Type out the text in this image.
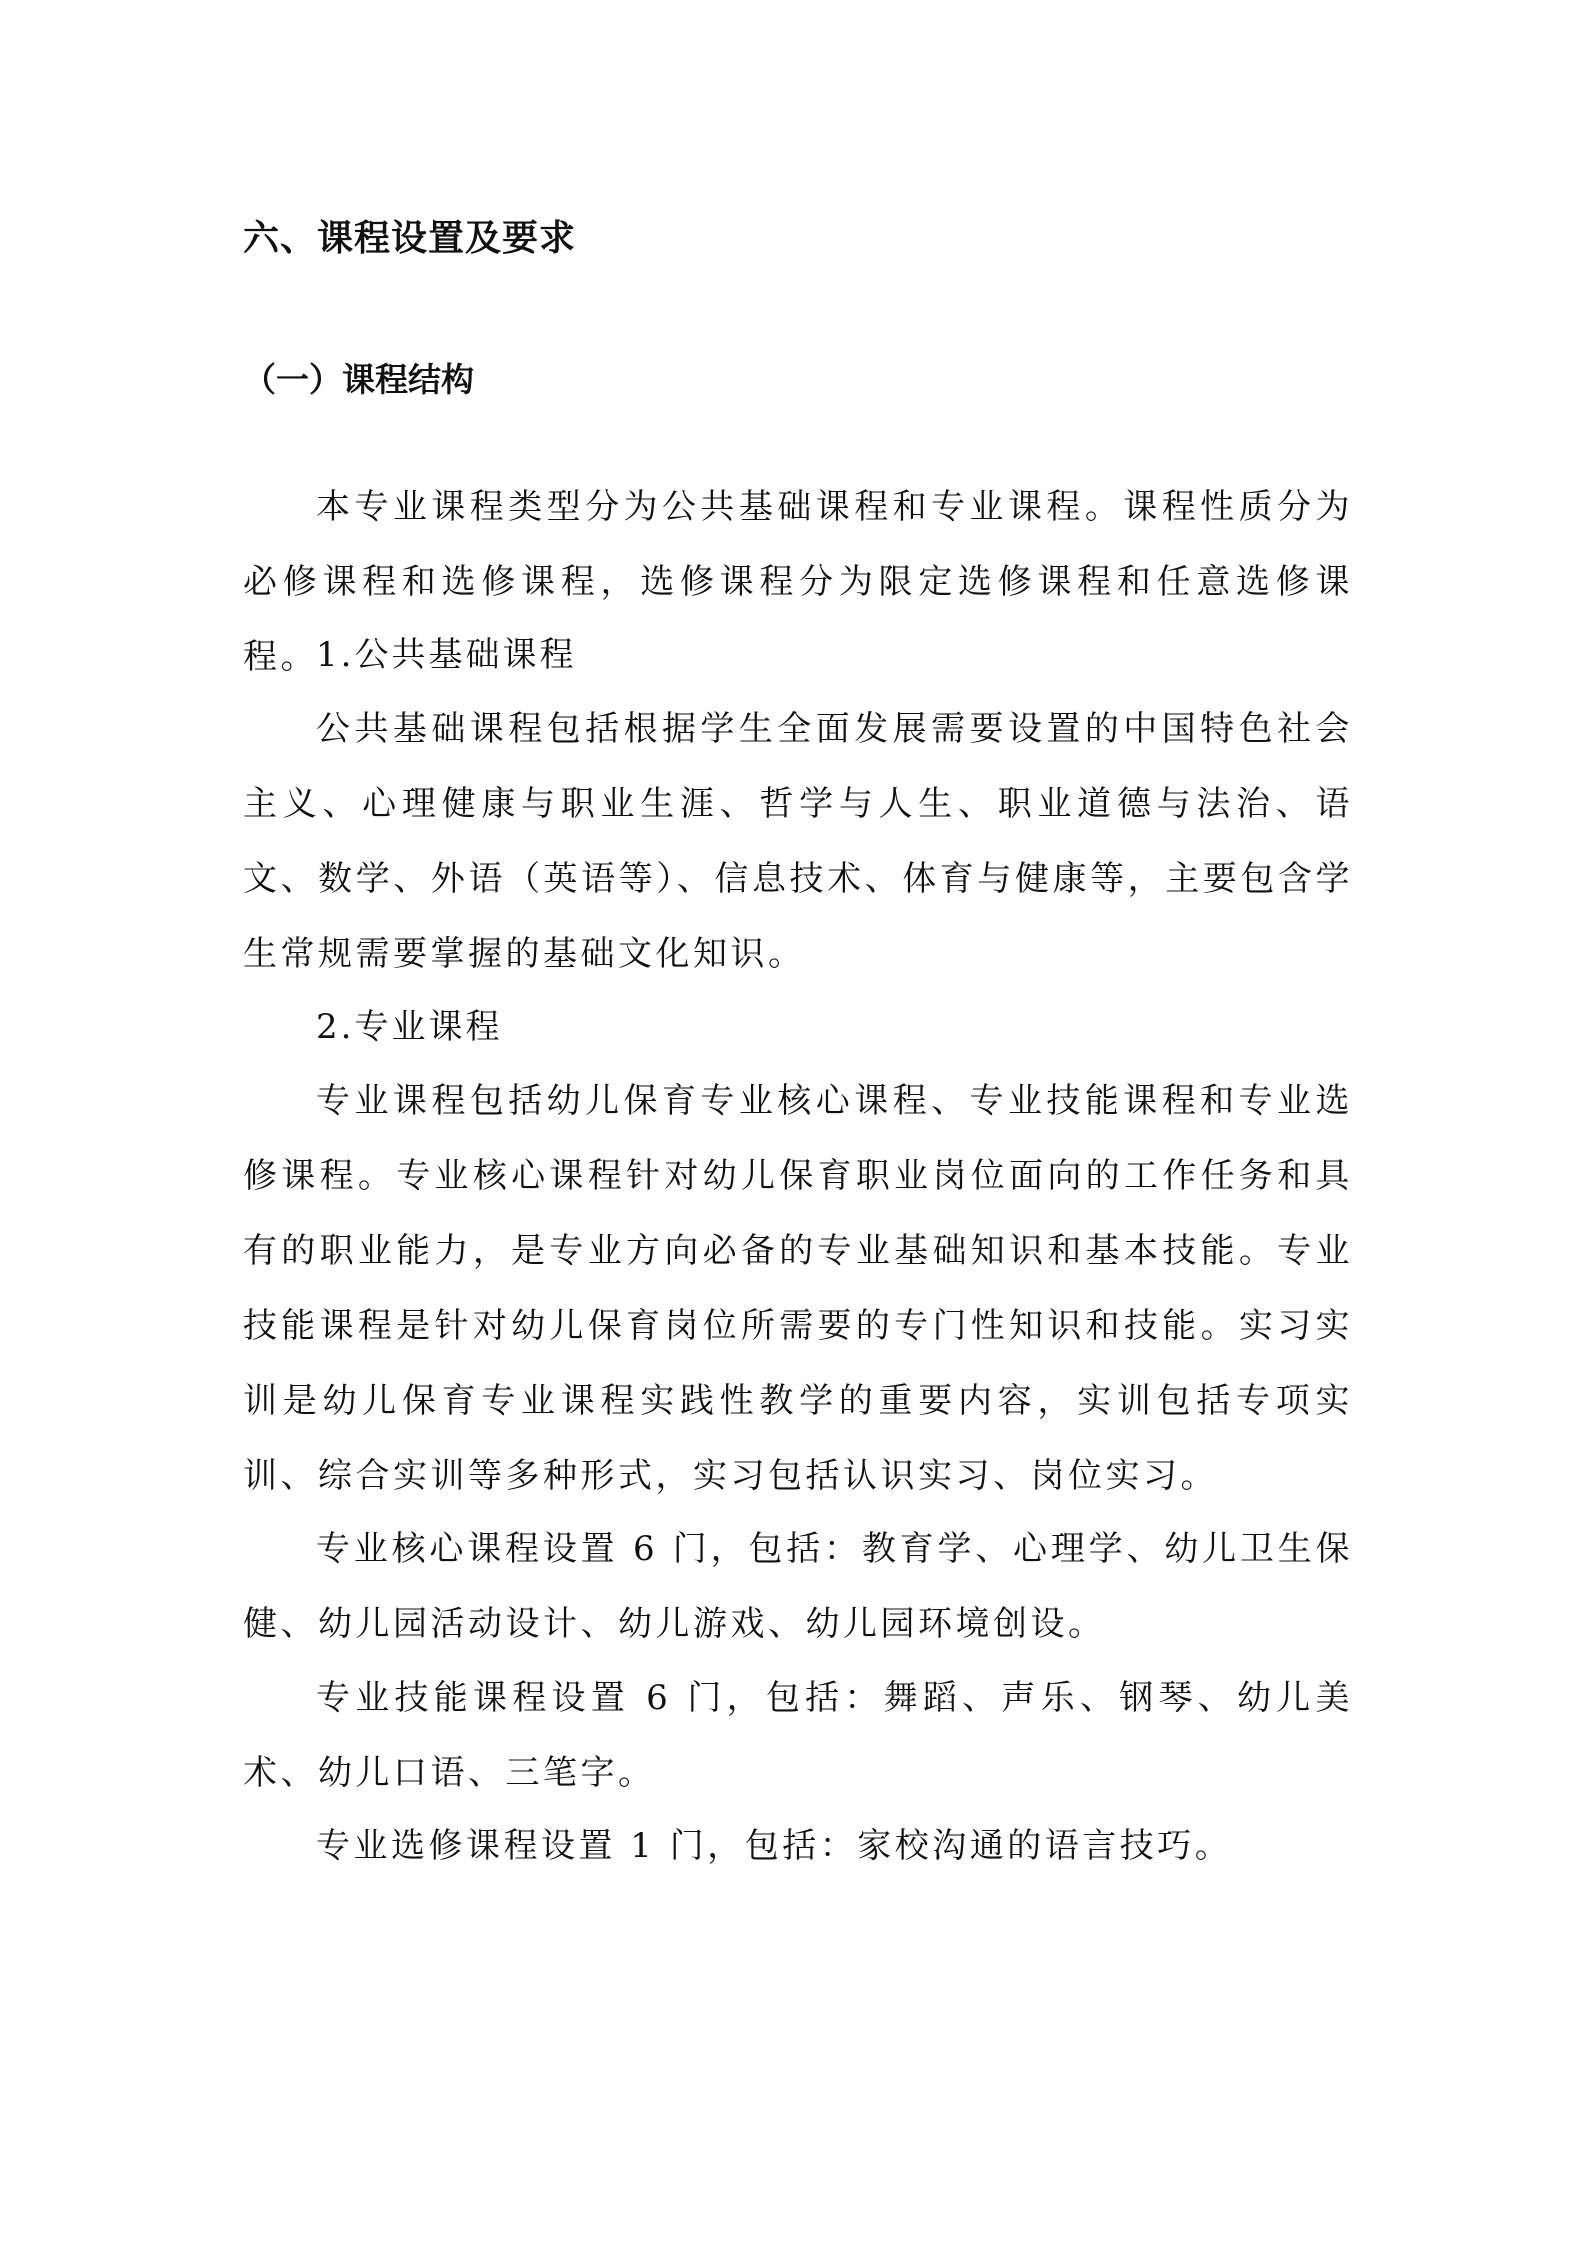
六、课程设置及要求
（一）课程结构

本专业课程类型分为公共基础课程和专业课程。课程性质分为必修课程和选修课程，选修课程分为限定选修课程和任意选修课程。

1.公共基础课程

公共基础课程包括根据学生全面发展需要设置的中国特色社会主义、心理健康与职业生涯、哲学与人生、职业道德与法治、语文、数学、外语（英语等）、信息技术、体育与健康等，主要包含学生常规需要掌握的基础文化知识。

2.专业课程

专业课程包括幼儿保育专业核心课程、专业技能课程和专业选修课程。专业核心课程针对幼儿保育职业岗位面向的工作任务和具有的职业能力，是专业方向必备的专业基础知识和基本技能。专业技能课程是针对幼儿保育岗位所需要的专门性知识和技能。实习实训是幼儿保育专业课程实践性教学的重要内容，实训包括专项实训、综合实训等多种形式，实习包括认识实习、岗位实习。

专业核心课程设置 6 门，包括：教育学、心理学、幼儿卫生保健、幼儿园活动设计、幼儿游戏、幼儿园环境创设。

专业技能课程设置 6 门，包括：舞蹈、声乐、钢琴、幼儿美术、幼儿口语、三笔字。

专业选修课程设置 1 门，包括：家校沟通的语言技巧。
